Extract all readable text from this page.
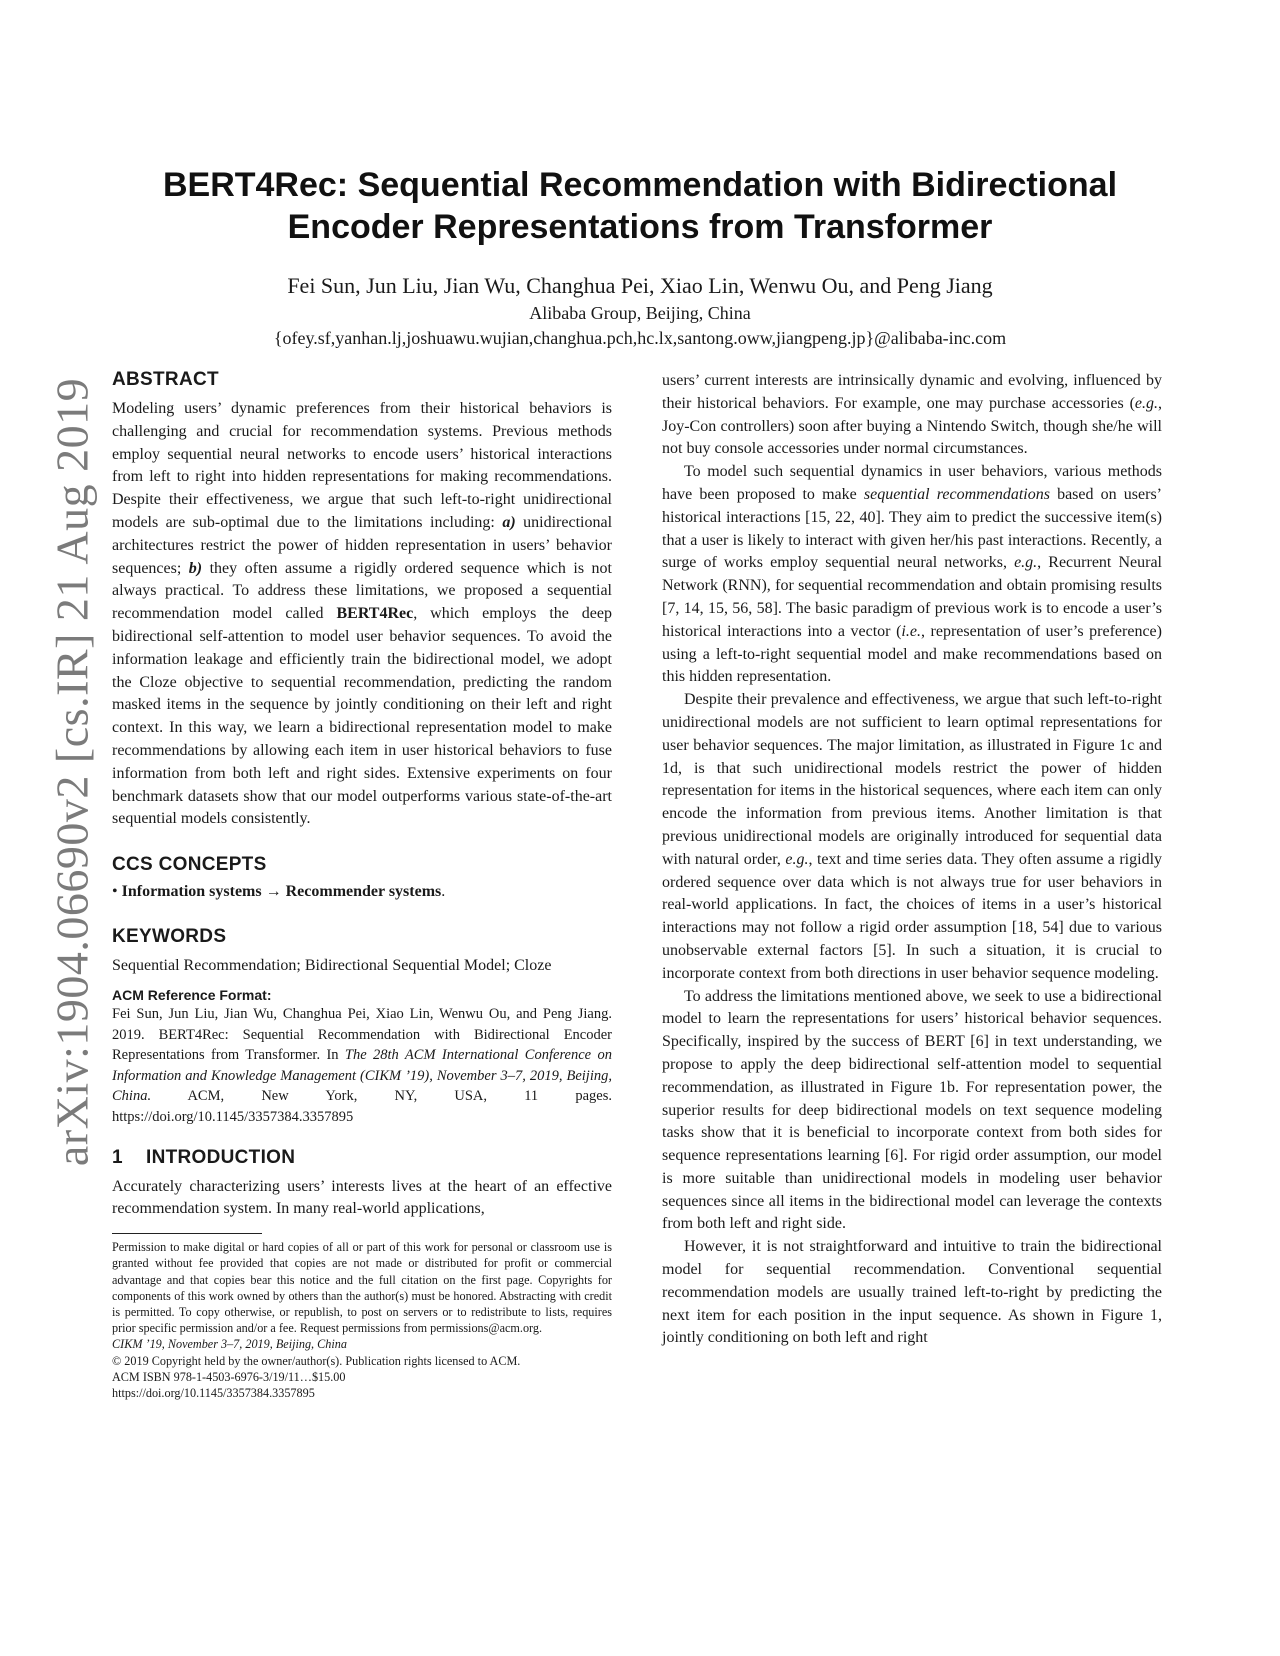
arXiv:1904.06690v2 [cs.IR] 21 Aug 2019
BERT4Rec: Sequential Recommendation with Bidirectional Encoder Representations from Transformer
Fei Sun, Jun Liu, Jian Wu, Changhua Pei, Xiao Lin, Wenwu Ou, and Peng Jiang
Alibaba Group, Beijing, China
{ofey.sf,yanhan.lj,joshuawu.wujian,changhua.pch,hc.lx,santong.oww,jiangpeng.jp}@alibaba-inc.com
ABSTRACT

Modeling users’ dynamic preferences from their historical behaviors is challenging and crucial for recommendation systems. Previous methods employ sequential neural networks to encode users’ historical interactions from left to right into hidden representations for making recommendations. Despite their effectiveness, we argue that such left-to-right unidirectional models are sub-optimal due to the limitations including: a) unidirectional architectures restrict the power of hidden representation in users’ behavior sequences; b) they often assume a rigidly ordered sequence which is not always practical. To address these limitations, we proposed a sequential recommendation model called BERT4Rec, which employs the deep bidirectional self-attention to model user behavior sequences. To avoid the information leakage and efficiently train the bidirectional model, we adopt the Cloze objective to sequential recommendation, predicting the random masked items in the sequence by jointly conditioning on their left and right context. In this way, we learn a bidirectional representation model to make recommendations by allowing each item in user historical behaviors to fuse information from both left and right sides. Extensive experiments on four benchmark datasets show that our model outperforms various state-of-the-art sequential models consistently.

CCS CONCEPTS
• Information systems → Recommender systems.
KEYWORDS

Sequential Recommendation; Bidirectional Sequential Model; Cloze

ACM Reference Format:

Fei Sun, Jun Liu, Jian Wu, Changhua Pei, Xiao Lin, Wenwu Ou, and Peng Jiang. 2019. BERT4Rec: Sequential Recommendation with Bidirectional Encoder Representations from Transformer. In The 28th ACM International Conference on Information and Knowledge Management (CIKM ’19), November 3–7, 2019, Beijing, China. ACM, New York, NY, USA, 11 pages. https://doi.org/10.1145/3357384.3357895

1 INTRODUCTION

Accurately characterizing users’ interests lives at the heart of an effective recommendation system. In many real-world applications,

Permission to make digital or hard copies of all or part of this work for personal or classroom use is granted without fee provided that copies are not made or distributed for profit or commercial advantage and that copies bear this notice and the full citation on the first page. Copyrights for components of this work owned by others than the author(s) must be honored. Abstracting with credit is permitted. To copy otherwise, or republish, to post on servers or to redistribute to lists, requires prior specific permission and/or a fee. Request permissions from permissions@acm.org.

CIKM ’19, November 3–7, 2019, Beijing, China

© 2019 Copyright held by the owner/author(s). Publication rights licensed to ACM.

ACM ISBN 978-1-4503-6976-3/19/11…$15.00

https://doi.org/10.1145/3357384.3357895

users’ current interests are intrinsically dynamic and evolving, influenced by their historical behaviors. For example, one may purchase accessories (e.g., Joy-Con controllers) soon after buying a Nintendo Switch, though she/he will not buy console accessories under normal circumstances.

To model such sequential dynamics in user behaviors, various methods have been proposed to make sequential recommendations based on users’ historical interactions [15, 22, 40]. They aim to predict the successive item(s) that a user is likely to interact with given her/his past interactions. Recently, a surge of works employ sequential neural networks, e.g., Recurrent Neural Network (RNN), for sequential recommendation and obtain promising results [7, 14, 15, 56, 58]. The basic paradigm of previous work is to encode a user’s historical interactions into a vector (i.e., representation of user’s preference) using a left-to-right sequential model and make recommendations based on this hidden representation.

Despite their prevalence and effectiveness, we argue that such left-to-right unidirectional models are not sufficient to learn optimal representations for user behavior sequences. The major limitation, as illustrated in Figure 1c and 1d, is that such unidirectional models restrict the power of hidden representation for items in the historical sequences, where each item can only encode the information from previous items. Another limitation is that previous unidirectional models are originally introduced for sequential data with natural order, e.g., text and time series data. They often assume a rigidly ordered sequence over data which is not always true for user behaviors in real-world applications. In fact, the choices of items in a user’s historical interactions may not follow a rigid order assumption [18, 54] due to various unobservable external factors [5]. In such a situation, it is crucial to incorporate context from both directions in user behavior sequence modeling.

To address the limitations mentioned above, we seek to use a bidirectional model to learn the representations for users’ historical behavior sequences. Specifically, inspired by the success of BERT [6] in text understanding, we propose to apply the deep bidirectional self-attention model to sequential recommendation, as illustrated in Figure 1b. For representation power, the superior results for deep bidirectional models on text sequence modeling tasks show that it is beneficial to incorporate context from both sides for sequence representations learning [6]. For rigid order assumption, our model is more suitable than unidirectional models in modeling user behavior sequences since all items in the bidirectional model can leverage the contexts from both left and right side.

However, it is not straightforward and intuitive to train the bidirectional model for sequential recommendation. Conventional sequential recommendation models are usually trained left-to-right by predicting the next item for each position in the input sequence. As shown in Figure 1, jointly conditioning on both left and right
